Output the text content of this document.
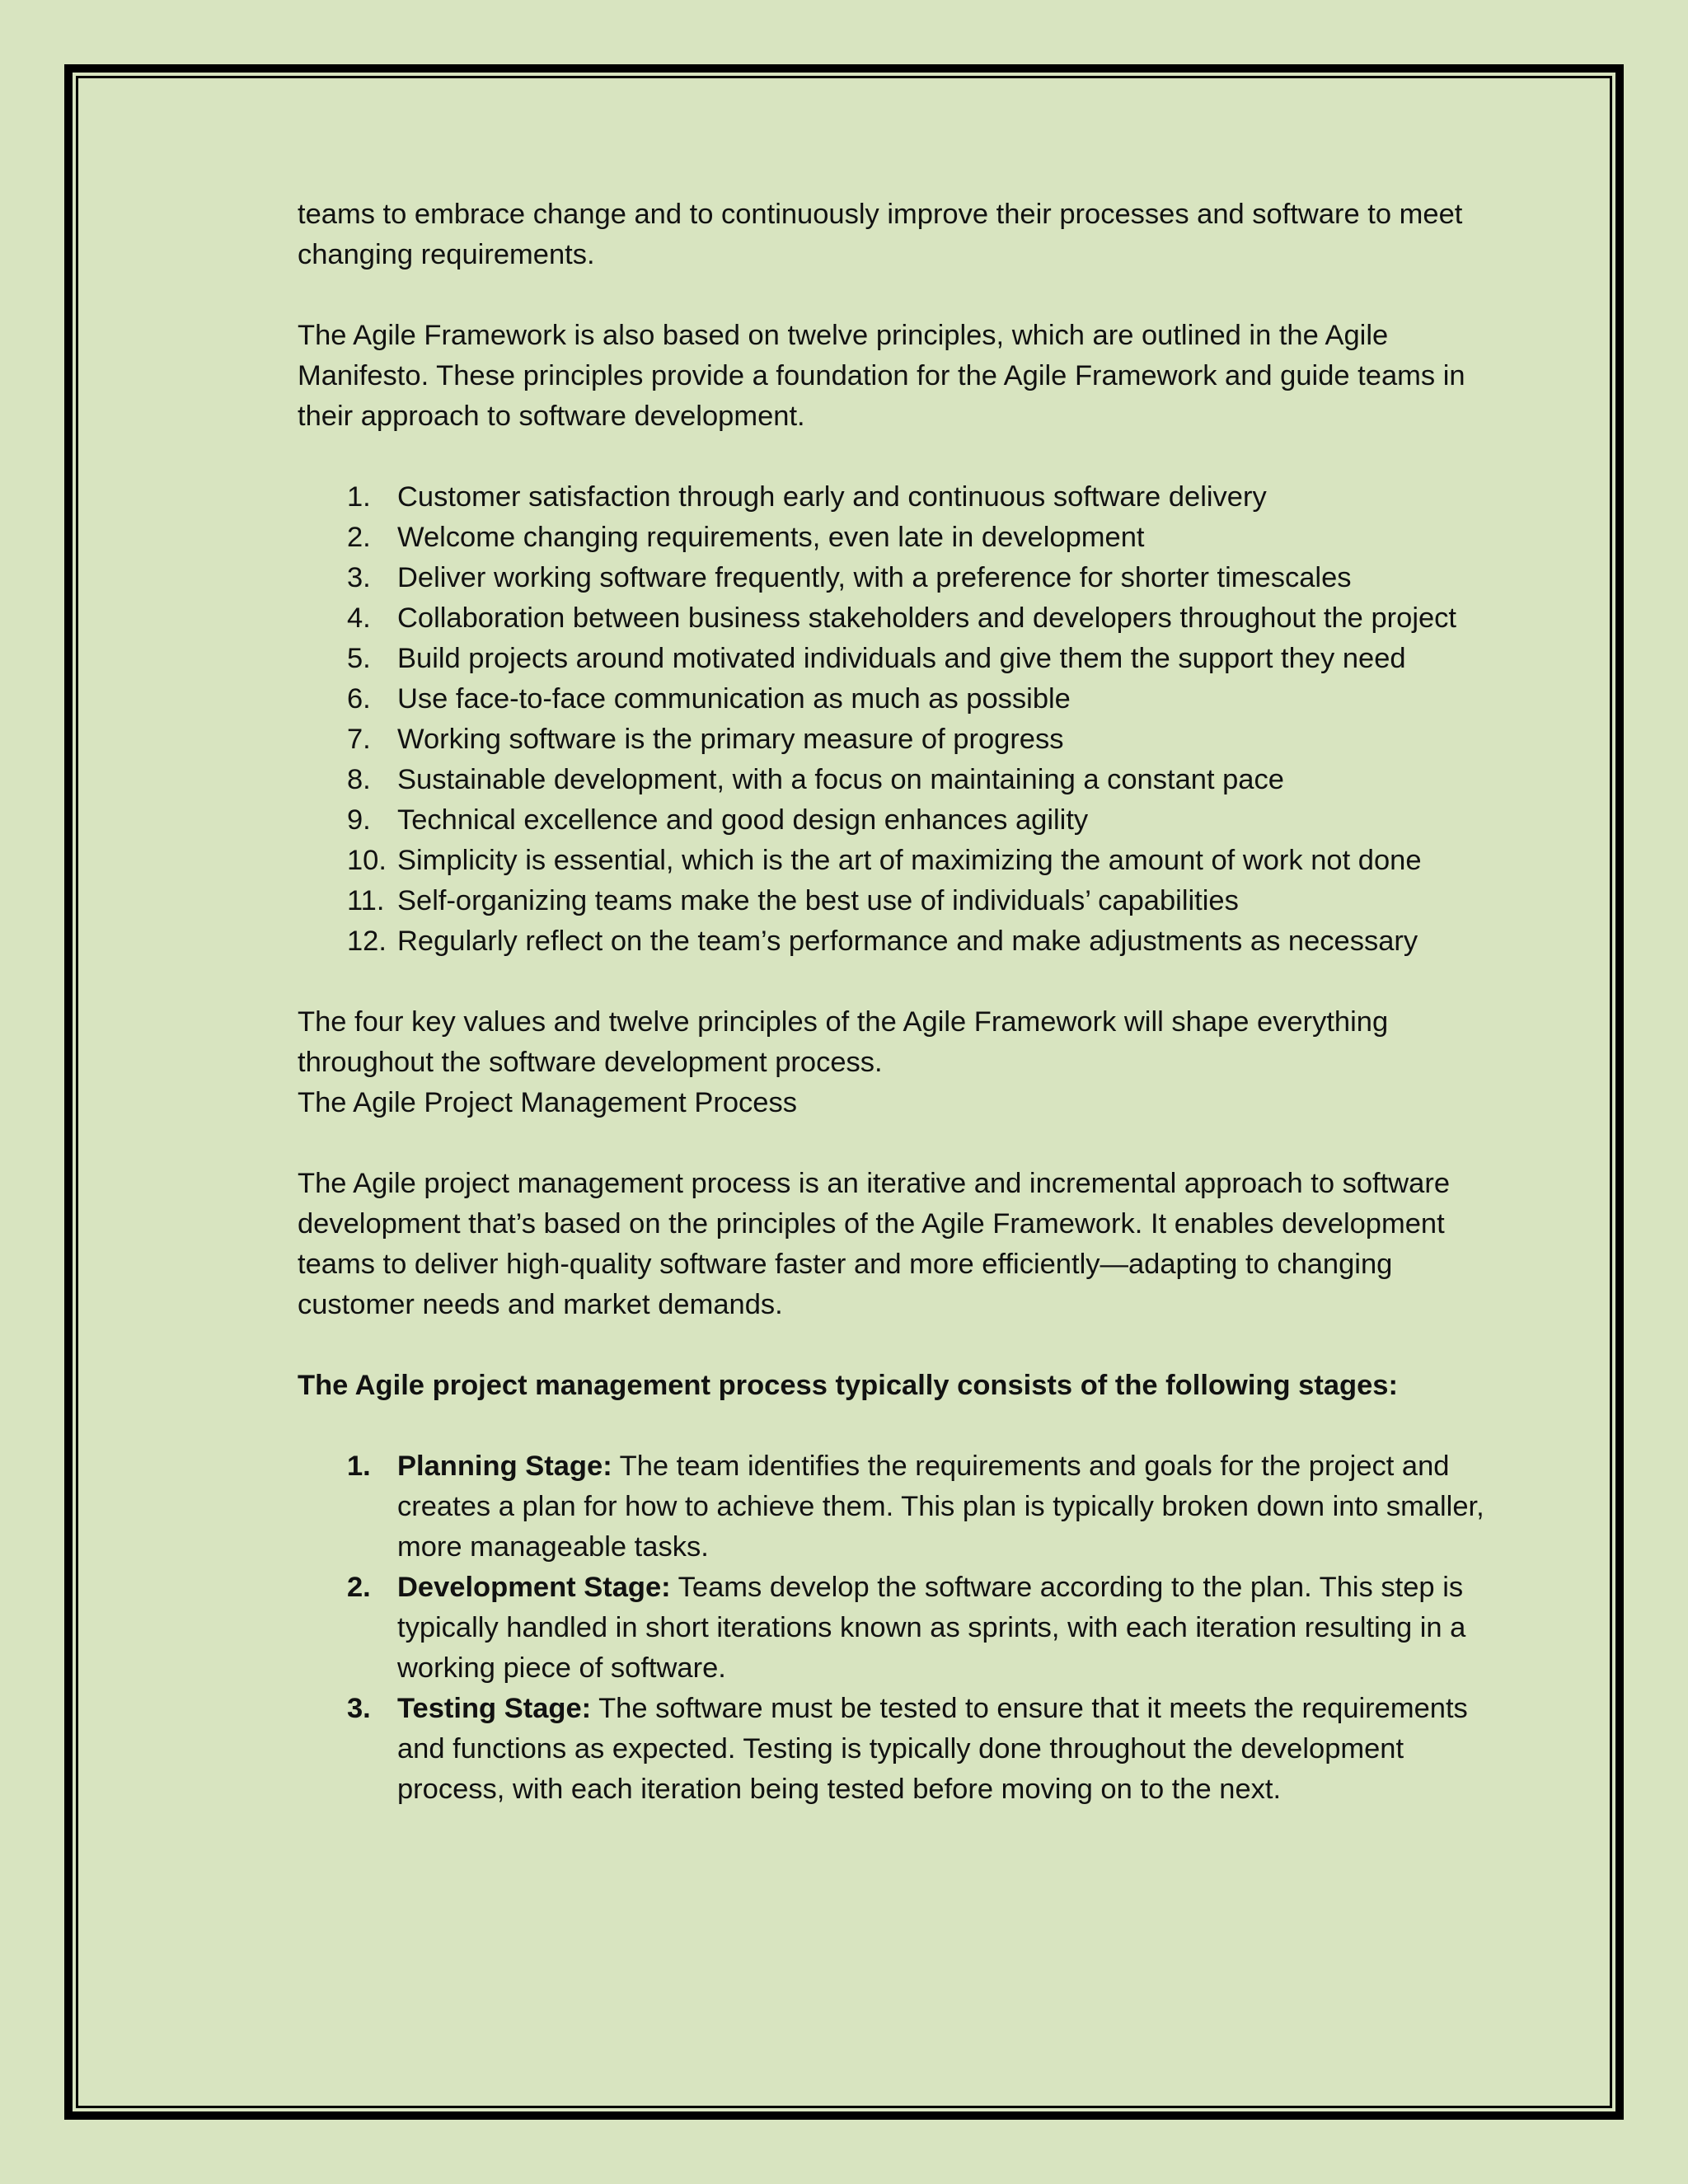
teams to embrace change and to continuously improve their processes and software to meet changing requirements.

The Agile Framework is also based on twelve principles, which are outlined in the Agile Manifesto. These principles provide a foundation for the Agile Framework and guide teams in their approach to software development.

1. Customer satisfaction through early and continuous software delivery
2. Welcome changing requirements, even late in development
3. Deliver working software frequently, with a preference for shorter timescales
4. Collaboration between business stakeholders and developers throughout the project
5. Build projects around motivated individuals and give them the support they need
6. Use face-to-face communication as much as possible
7. Working software is the primary measure of progress
8. Sustainable development, with a focus on maintaining a constant pace
9. Technical excellence and good design enhances agility
10. Simplicity is essential, which is the art of maximizing the amount of work not done
11. Self-organizing teams make the best use of individuals’ capabilities
12. Regularly reflect on the team’s performance and make adjustments as necessary

The four key values and twelve principles of the Agile Framework will shape everything throughout the software development process.

The Agile Project Management Process

The Agile project management process is an iterative and incremental approach to software development that’s based on the principles of the Agile Framework. It enables development teams to deliver high-quality software faster and more efficiently—adapting to changing customer needs and market demands.

The Agile project management process typically consists of the following stages:

1. Planning Stage: The team identifies the requirements and goals for the project and creates a plan for how to achieve them. This plan is typically broken down into smaller, more manageable tasks.
2. Development Stage: Teams develop the software according to the plan. This step is typically handled in short iterations known as sprints, with each iteration resulting in a working piece of software.
3. Testing Stage: The software must be tested to ensure that it meets the requirements and functions as expected. Testing is typically done throughout the development process, with each iteration being tested before moving on to the next.
